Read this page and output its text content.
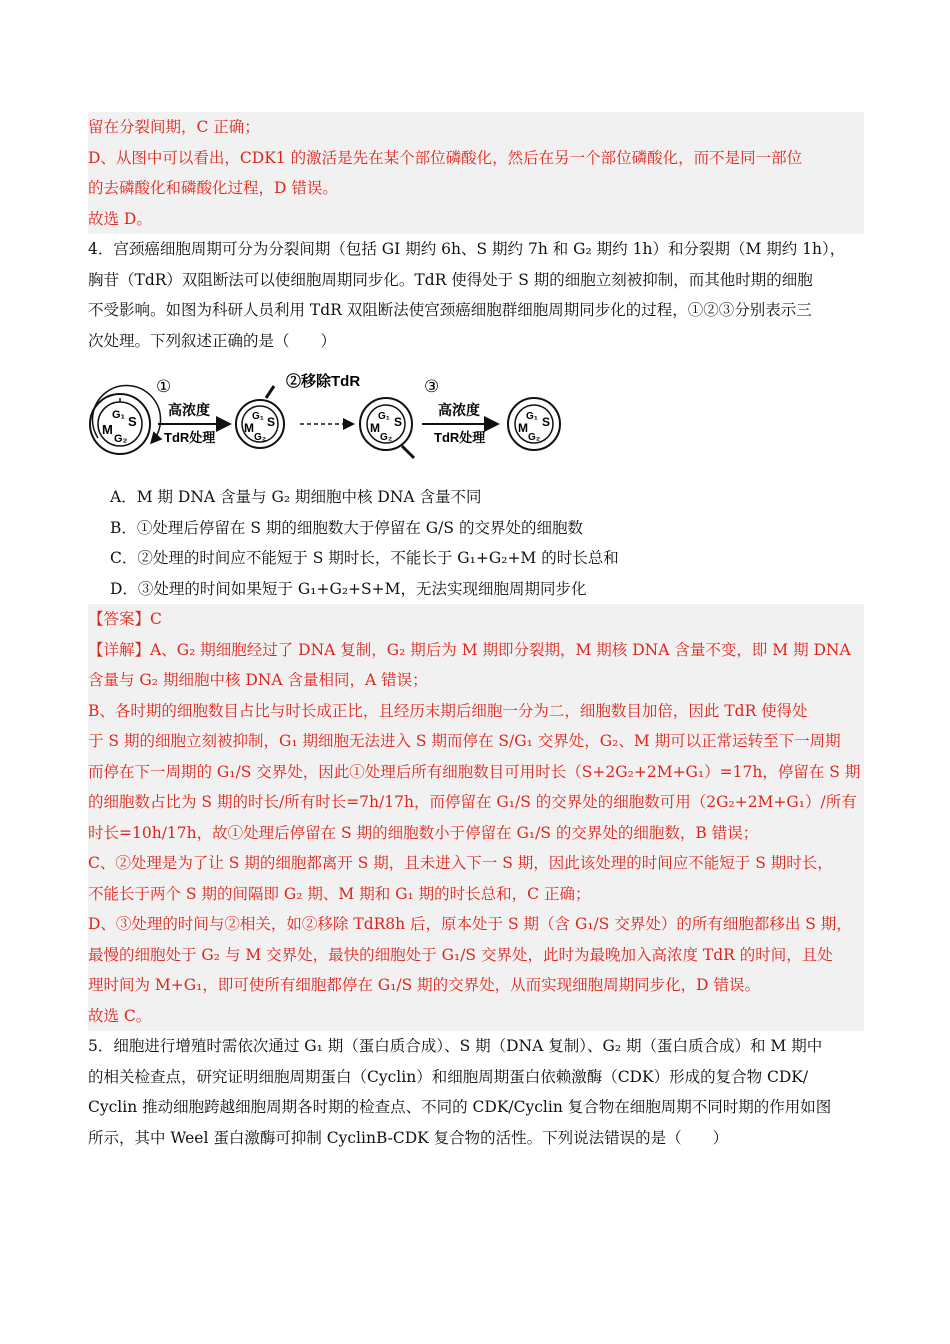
留在分裂间期，C 正确；
D、从图中可以看出，CDK1 的激活是先在某个部位磷酸化，然后在另一个部位磷酸化，而不是同一部位
的去磷酸化和磷酸化过程，D 错误。
故选 D。
4．宫颈癌细胞周期可分为分裂间期（包括 GI 期约 6h、S 期约 7h 和 G₂ 期约 1h）和分裂期（M 期约 1h），
胸苷（TdR）双阻断法可以使细胞周期同步化。TdR 使得处于 S 期的细胞立刻被抑制，而其他时期的细胞
不受影响。如图为科研人员利用 TdR 双阻断法使宫颈癌细胞群细胞周期同步化的过程，①②③分别表示三
次处理。下列叙述正确的是（　　）
G₁ S
M
G₂
①
高浓度
TdR处理
G₁ S
M
G₂
②移除TdR
G₁ S
M
G₂
③
高浓度
TdR处理
G₁ S
M
G₂
A．M 期 DNA 含量与 G₂ 期细胞中核 DNA 含量不同
B．①处理后停留在 S 期的细胞数大于停留在 G/S 的交界处的细胞数
C．②处理的时间应不能短于 S 期时长，不能长于 G₁+G₂+M 的时长总和
D．③处理的时间如果短于 G₁+G₂+S+M，无法实现细胞周期同步化
【答案】C
【详解】A、G₂ 期细胞经过了 DNA 复制，G₂ 期后为 M 期即分裂期，M 期核 DNA 含量不变，即 M 期 DNA
含量与 G₂ 期细胞中核 DNA 含量相同，A 错误；
B、各时期的细胞数目占比与时长成正比，且经历末期后细胞一分为二，细胞数目加倍，因此 TdR 使得处
于 S 期的细胞立刻被抑制，G₁ 期细胞无法进入 S 期而停在 S/G₁ 交界处，G₂、M 期可以正常运转至下一周期
而停在下一周期的 G₁/S 交界处，因此①处理后所有细胞数目可用时长（S+2G₂+2M+G₁）=17h，停留在 S 期
的细胞数占比为 S 期的时长/所有时长=7h/17h，而停留在 G₁/S 的交界处的细胞数可用（2G₂+2M+G₁）/所有
时长=10h/17h，故①处理后停留在 S 期的细胞数小于停留在 G₁/S 的交界处的细胞数，B 错误；
C、②处理是为了让 S 期的细胞都离开 S 期，且未进入下一 S 期，因此该处理的时间应不能短于 S 期时长，
不能长于两个 S 期的间隔即 G₂ 期、M 期和 G₁ 期的时长总和，C 正确；
D、③处理的时间与②相关，如②移除 TdR8h 后，原本处于 S 期（含 G₁/S 交界处）的所有细胞都移出 S 期，
最慢的细胞处于 G₂ 与 M 交界处，最快的细胞处于 G₁/S 交界处，此时为最晚加入高浓度 TdR 的时间，且处
理时间为 M+G₁，即可使所有细胞都停在 G₁/S 期的交界处，从而实现细胞周期同步化，D 错误。
故选 C。
5．细胞进行增殖时需依次通过 G₁ 期（蛋白质合成）、S 期（DNA 复制）、G₂ 期（蛋白质合成）和 M 期中
的相关检查点，研究证明细胞周期蛋白（Cyclin）和细胞周期蛋白依赖激酶（CDK）形成的复合物 CDK/
Cyclin 推动细胞跨越细胞周期各时期的检查点、不同的 CDK/Cyclin 复合物在细胞周期不同时期的作用如图
所示，其中 Weel 蛋白激酶可抑制 CyclinB-CDK 复合物的活性。下列说法错误的是（　　）
